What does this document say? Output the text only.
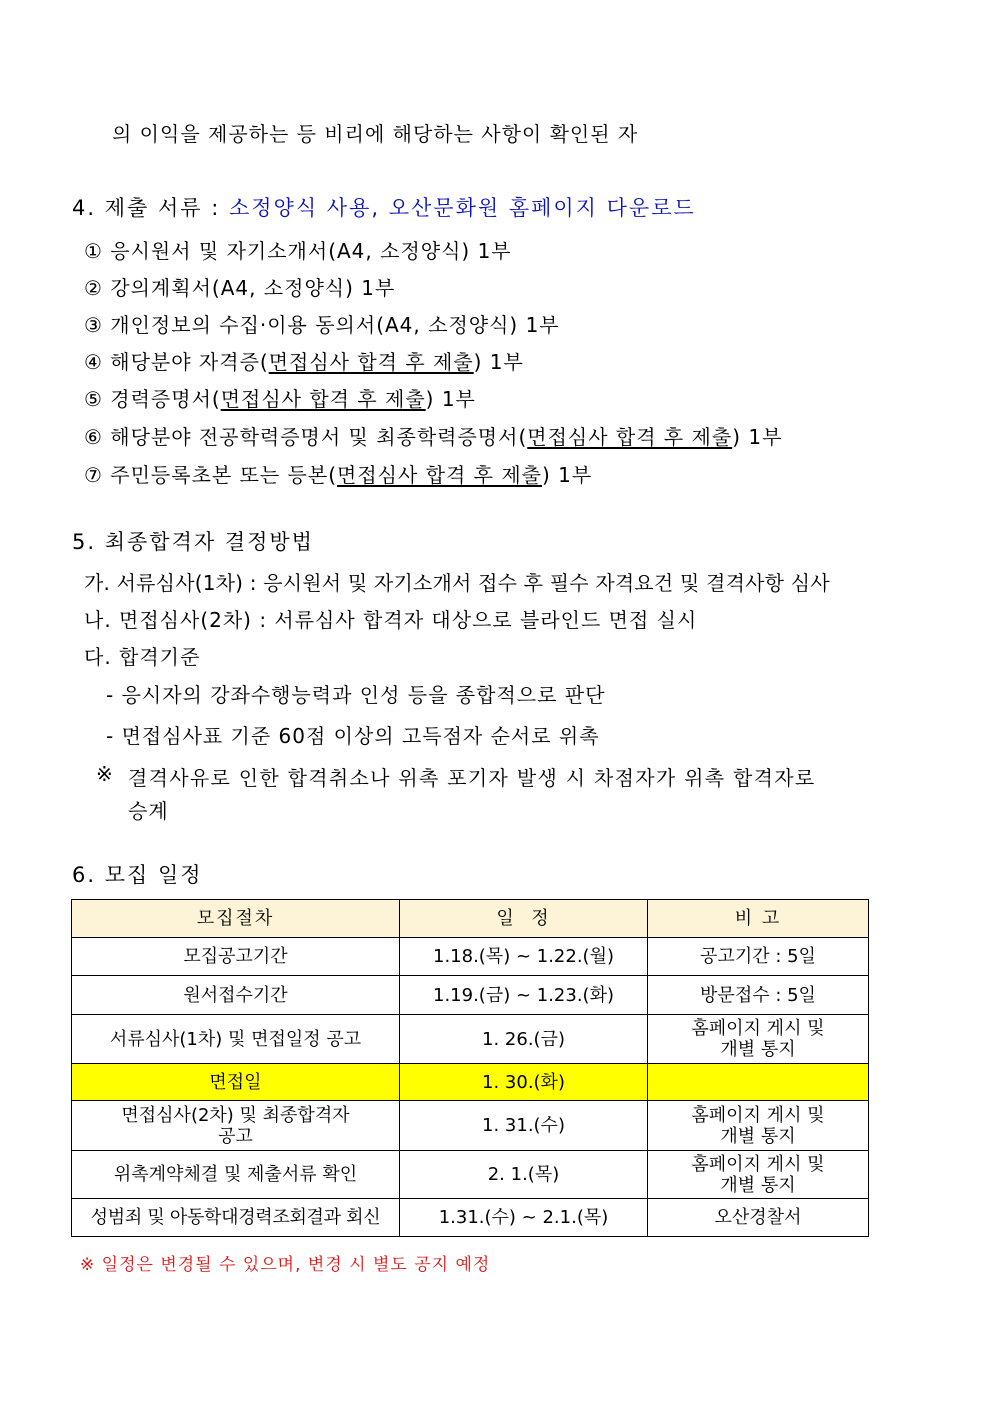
의 이익을 제공하는 등 비리에 해당하는 사항이 확인된 자
4. 제출 서류 : 소정양식 사용, 오산문화원 홈페이지 다운로드
① 응시원서 및 자기소개서(A4, 소정양식) 1부
② 강의계획서(A4, 소정양식) 1부
③ 개인정보의 수집·이용 동의서(A4, 소정양식) 1부
④ 해당분야 자격증(면접심사 합격 후 제출) 1부
⑤ 경력증명서(면접심사 합격 후 제출) 1부
⑥ 해당분야 전공학력증명서 및 최종학력증명서(면접심사 합격 후 제출) 1부
⑦ 주민등록초본 또는 등본(면접심사 합격 후 제출) 1부
5. 최종합격자 결정방법
가. 서류심사(1차) : 응시원서 및 자기소개서 접수 후 필수 자격요건 및 결격사항 심사
나. 면접심사(2차) : 서류심사 합격자 대상으로 블라인드 면접 실시
다. 합격기준
- 응시자의 강좌수행능력과 인성 등을 종합적으로 판단
- 면접심사표 기준 60점 이상의 고득점자 순서로 위촉
※ 결격사유로 인한 합격취소나 위촉 포기자 발생 시 차점자가 위촉 합격자로
승계
6. 모집 일정
모집절차	일  정	비 고
모집공고기간	1.18.(목) ~ 1.22.(월)	공고기간 : 5일
원서접수기간	1.19.(금) ~ 1.23.(화)	방문접수 : 5일
서류심사(1차) 및 면접일정 공고	1. 26.(금)	홈페이지 게시 및
개별 통지
면접일	1. 30.(화)	
면접심사(2차) 및 최종합격자
공고	1. 31.(수)	홈페이지 게시 및
개별 통지
위촉계약체결 및 제출서류 확인	2. 1.(목)	홈페이지 게시 및
개별 통지
성범죄 및 아동학대경력조회결과 회신	1.31.(수) ~ 2.1.(목)	오산경찰서
※ 일정은 변경될 수 있으며, 변경 시 별도 공지 예정
